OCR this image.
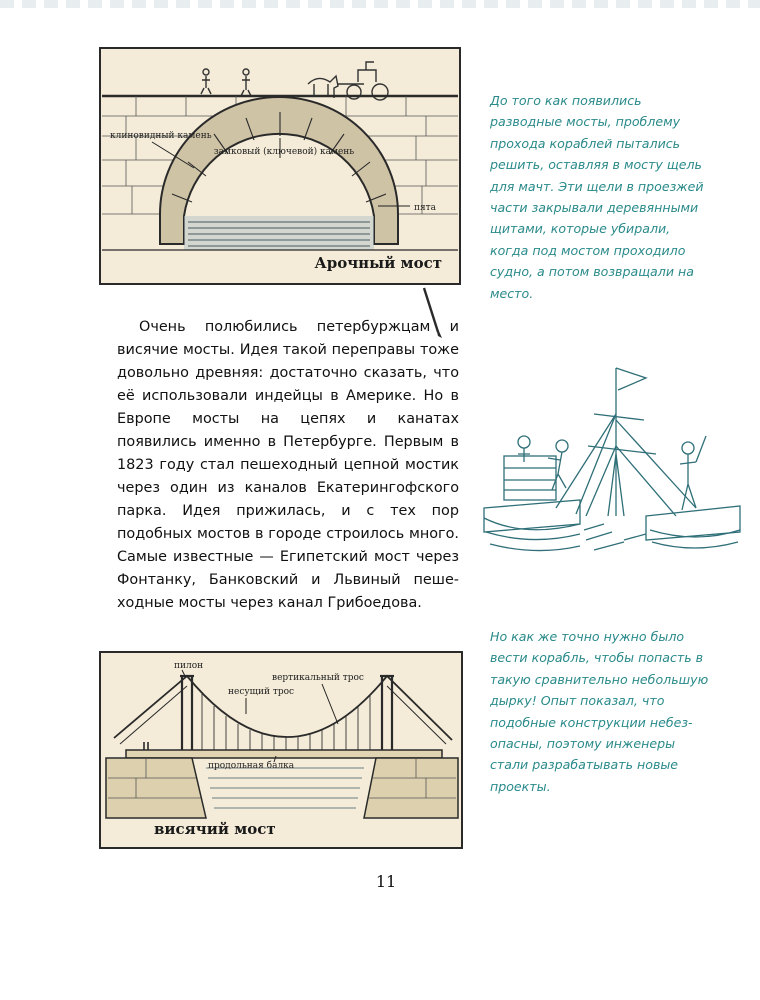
клиновидный камень
замковый (ключевой) камень
пята
Арочный мост

Очень полюбились петербуржцам и висячие мосты. Идея такой переправы тоже довольно древняя: достаточно сказать, что её использовали индейцы в Америке. Но в Европе мосты на цепях и канатах появились именно в Петербурге. Первым в 1823 году стал пешеходный цепной мостик через один из каналов Екатерингофского парка. Идея прижилась, и с тех пор подобных мостов в городе строилось много. Самые известные — Египетский мост через Фонтанку, Банковский и Львиный пешеходные мосты через канал Грибоедова.

До того как появились разводные мосты, проблему прохода кораблей пытались решить, оставляя в мосту щель для мачт. Эти щели в проезжей части закрывали деревянными щитами, которые убирали, когда под мостом проходило судно, а потом возвращали на место.

пилон
несущий трос
вертикальный трос
продольная балка
висячий мост

Но как же точно нужно было вести корабль, чтобы попасть в такую сравнительно небольшую дырку! Опыт показал, что подобные конструкции небезопасны, поэтому инженеры стали разрабатывать новые проекты.

11
